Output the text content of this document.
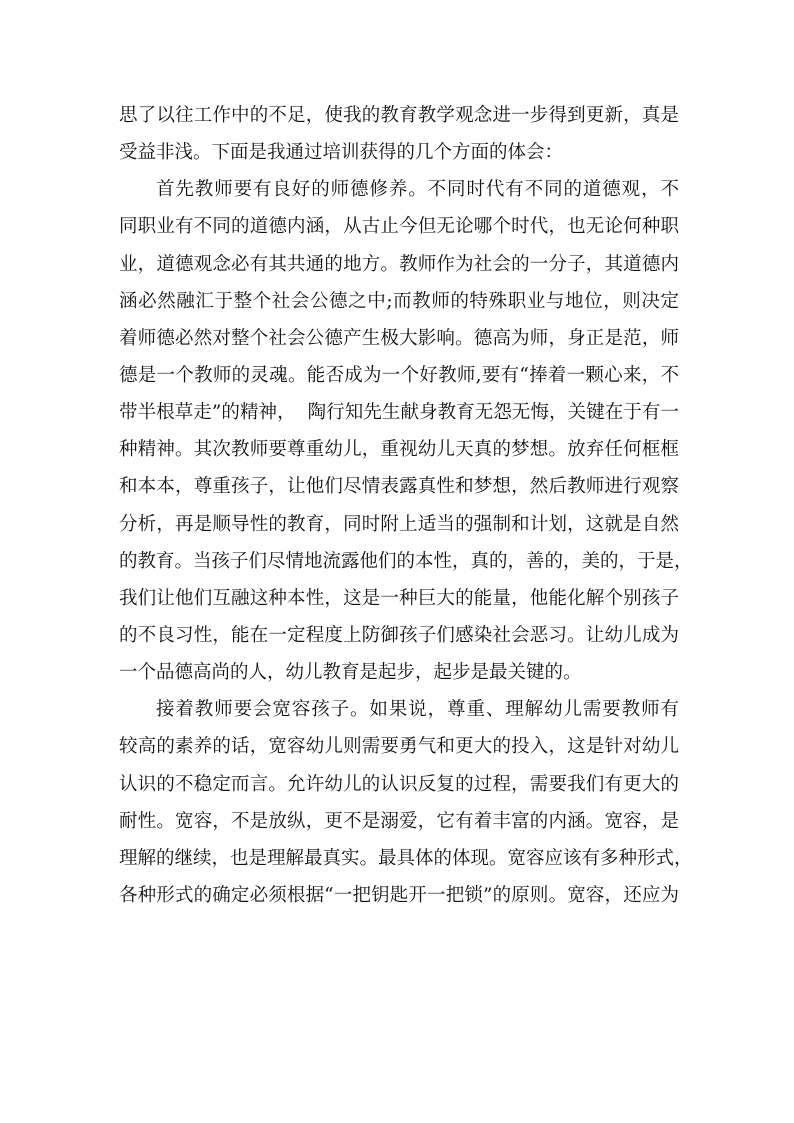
思了以往工作中的不足，使我的教育教学观念进一步得到更新，真是
受益非浅。下面是我通过培训获得的几个方面的体会：
首先教师要有良好的师德修养。不同时代有不同的道德观，不
同职业有不同的道德内涵，从古止今但无论哪个时代，也无论何种职
业，道德观念必有其共通的地方。教师作为社会的一分子，其道德内
涵必然融汇于整个社会公德之中;而教师的特殊职业与地位，则决定
着师德必然对整个社会公德产生极大影响。德高为师，身正是范，师
德是一个教师的灵魂。能否成为一个好教师,要有“捧着一颗心来，不
带半根草走”的精神，  陶行知先生献身教育无怨无悔，关键在于有一
种精神。其次教师要尊重幼儿，重视幼儿天真的梦想。放弃任何框框
和本本，尊重孩子，让他们尽情表露真性和梦想，然后教师进行观察
分析，再是顺导性的教育，同时附上适当的强制和计划，这就是自然
的教育。当孩子们尽情地流露他们的本性，真的，善的，美的，于是，
我们让他们互融这种本性，这是一种巨大的能量，他能化解个别孩子
的不良习性，能在一定程度上防御孩子们感染社会恶习。让幼儿成为
一个品德高尚的人，幼儿教育是起步，起步是最关键的。
接着教师要会宽容孩子。如果说，尊重、理解幼儿需要教师有
较高的素养的话，宽容幼儿则需要勇气和更大的投入，这是针对幼儿
认识的不稳定而言。允许幼儿的认识反复的过程，需要我们有更大的
耐性。宽容，不是放纵，更不是溺爱，它有着丰富的内涵。宽容，是
理解的继续，也是理解最真实。最具体的体现。宽容应该有多种形式，
各种形式的确定必须根据“一把钥匙开一把锁”的原则。宽容，还应为
